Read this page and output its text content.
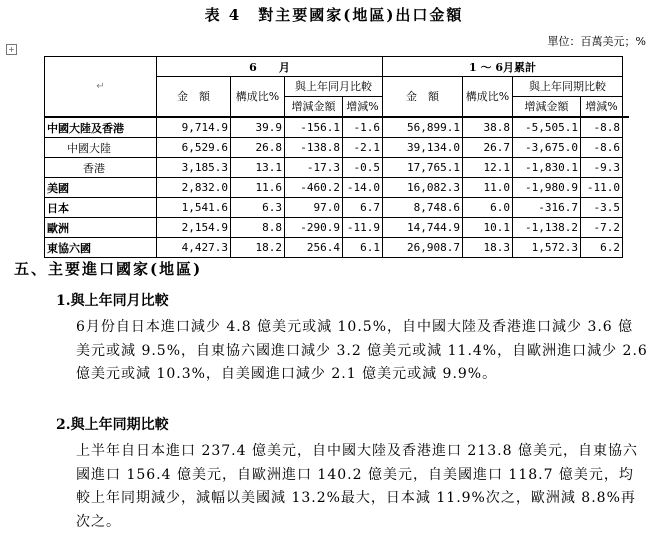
表 4　對主要國家(地區)出口金額
單位：百萬美元；%
+
↵	6　　月				1 ～ 6月累計				
	金　額	構成比%	與上年同月比較		金　額	構成比%	與上年同期比較		
			增減金額	增減%			增減金額	增減%	
中國大陸及香港	9,714.9	39.9	-156.1	-1.6	56,899.1	38.8	-5,505.1	-8.8	
中國大陸	6,529.6	26.8	-138.8	-2.1	39,134.0	26.7	-3,675.0	-8.6	
香港	3,185.3	13.1	-17.3	-0.5	17,765.1	12.1	-1,830.1	-9.3	
美國	2,832.0	11.6	-460.2	-14.0	16,082.3	11.0	-1,980.9	-11.0	
日本	1,541.6	6.3	97.0	6.7	8,748.6	6.0	-316.7	-3.5	
歐洲	2,154.9	8.8	-290.9	-11.9	14,744.9	10.1	-1,138.2	-7.2	
東協六國	4,427.3	18.2	256.4	6.1	26,908.7	18.3	1,572.3	6.2	
五、主要進口國家(地區)
1.與上年同月比較
6月份自日本進口減少 4.8 億美元或減 10.5%，自中國大陸及香港進口減少 3.6 億美元或減 9.5%，自東協六國進口減少 3.2 億美元或減 11.4%，自歐洲進口減少 2.6 億美元或減 10.3%，自美國進口減少 2.1 億美元或減 9.9%。
2.與上年同期比較
上半年自日本進口 237.4 億美元，自中國大陸及香港進口 213.8 億美元，自東協六國進口 156.4 億美元，自歐洲進口 140.2 億美元，自美國進口 118.7 億美元，均較上年同期減少，減幅以美國減 13.2%最大，日本減 11.9%次之，歐洲減 8.8%再次之。
